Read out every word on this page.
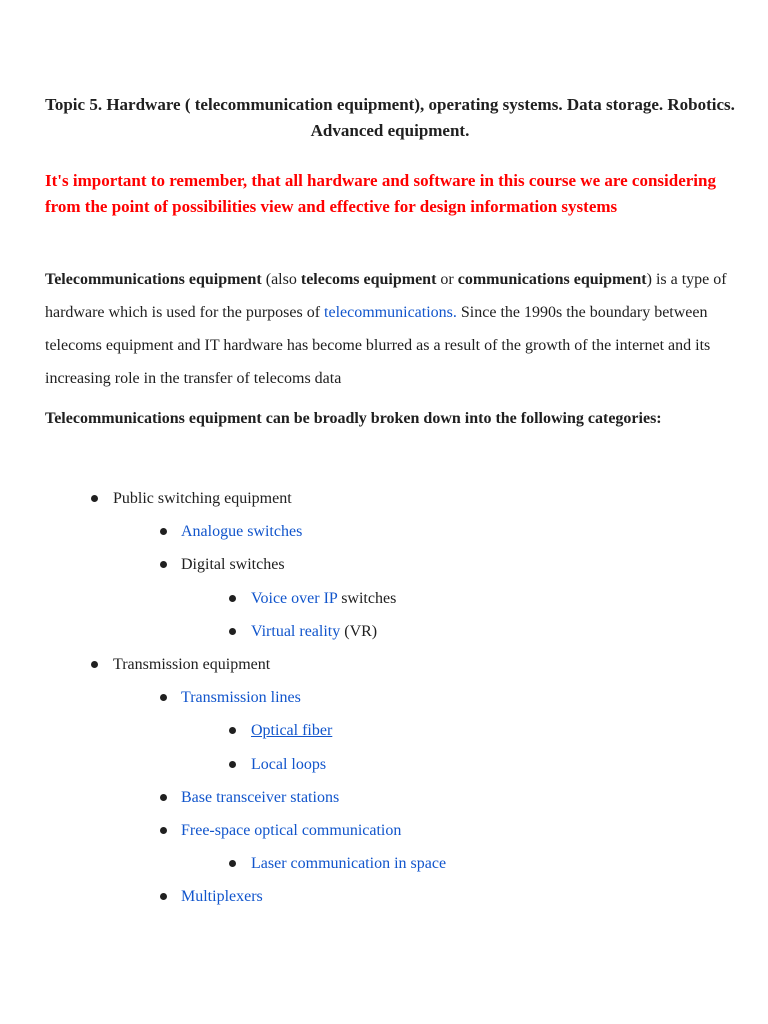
Topic 5. Hardware ( telecommunication equipment), operating systems. Data storage. Robotics. Advanced equipment.
It's important to remember, that all hardware and software in this course we are considering from the point of possibilities view and effective for design information systems
Telecommunications equipment (also telecoms equipment or communications equipment) is a type of hardware which is used for the purposes of telecommunications. Since the 1990s the boundary between telecoms equipment and IT hardware has become blurred as a result of the growth of the internet and its increasing role in the transfer of telecoms data
Telecommunications equipment can be broadly broken down into the following categories:
Public switching equipment
Analogue switches
Digital switches
Voice over IP switches
Virtual reality (VR)
Transmission equipment
Transmission lines
Optical fiber
Local loops
Base transceiver stations
Free-space optical communication
Laser communication in space
Multiplexers
